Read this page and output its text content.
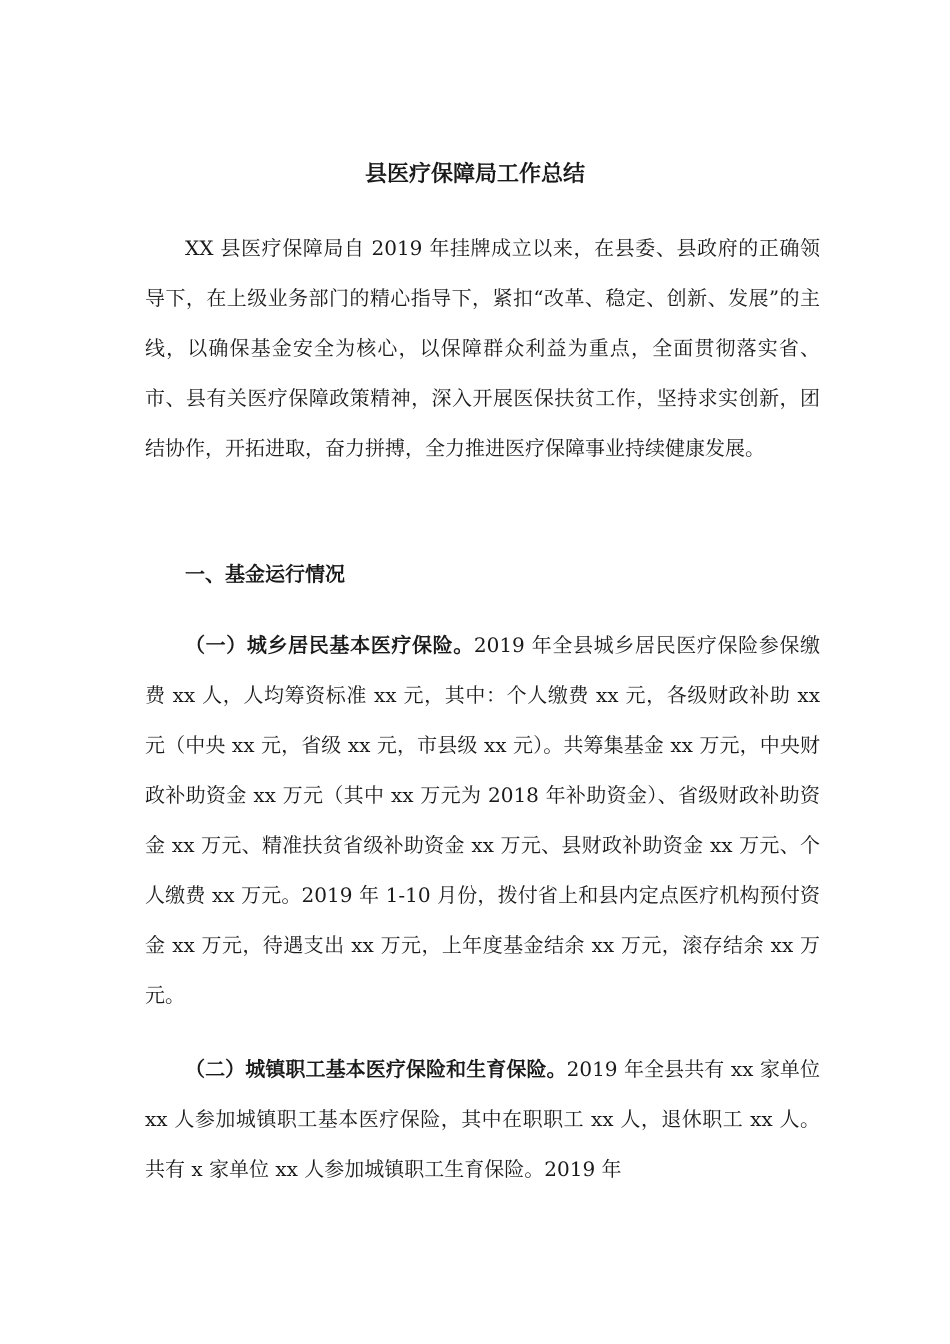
县医疗保障局工作总结

XX 县医疗保障局自 2019 年挂牌成立以来，在县委、县政府的正确领导下，在上级业务部门的精心指导下，紧扣“改革、稳定、创新、发展”的主线，以确保基金安全为核心，以保障群众利益为重点，全面贯彻落实省、市、县有关医疗保障政策精神，深入开展医保扶贫工作，坚持求实创新，团结协作，开拓进取，奋力拼搏，全力推进医疗保障事业持续健康发展。

一、基金运行情况

（一）城乡居民基本医疗保险。2019 年全县城乡居民医疗保险参保缴费 xx 人，人均筹资标准 xx 元，其中：个人缴费 xx 元，各级财政补助 xx 元（中央 xx 元，省级 xx 元，市县级 xx 元）。共筹集基金 xx 万元，中央财政补助资金 xx 万元（其中 xx 万元为 2018 年补助资金）、省级财政补助资金 xx 万元、精准扶贫省级补助资金 xx 万元、县财政补助资金 xx 万元、个人缴费 xx 万元。2019 年 1-10 月份，拨付省上和县内定点医疗机构预付资金 xx 万元，待遇支出 xx 万元，上年度基金结余 xx 万元，滚存结余 xx 万元。

（二）城镇职工基本医疗保险和生育保险。2019 年全县共有 xx 家单位 xx 人参加城镇职工基本医疗保险，其中在职职工 xx 人，退休职工 xx 人。共有 x 家单位 xx 人参加城镇职工生育保险。2019 年
